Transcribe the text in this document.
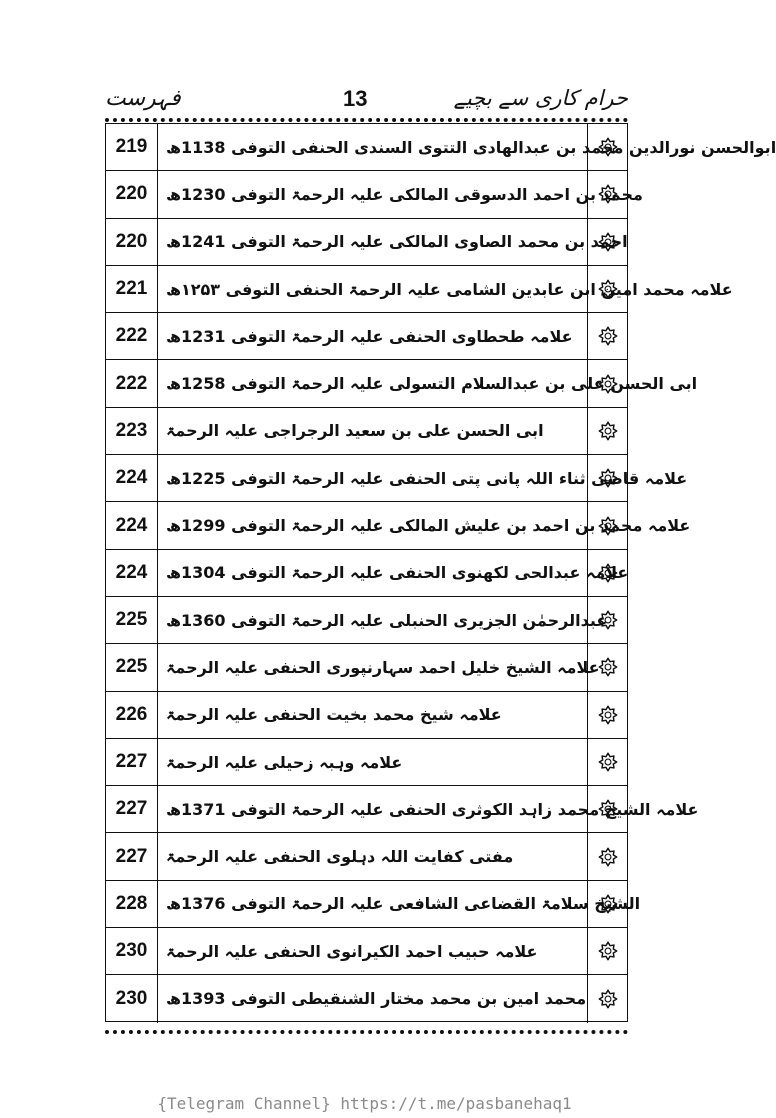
فہرست	13	حرام کاری سے بچیے
219	ابوالحسن نورالدین محمد بن عبدالهادی التتوی السندی الحنفی التوفی 1138ھ
220	محمد بن احمد الدسوقی المالکی علیہ الرحمۃ التوفی 1230ھ
220	احمد بن محمد الصاوی المالکی علیہ الرحمۃ التوفی 1241ھ
221	علامہ محمد امین ابن عابدین الشامی علیہ الرحمۃ الحنفی التوفی ۱۲۵۳ھ
222	علامہ طحطاوی الحنفی علیہ الرحمۃ التوفی 1231ھ
222	ابی الحسن علی بن عبدالسلام التسولی علیہ الرحمۃ التوفی 1258ھ
223	ابی الحسن علی بن سعید الرجراجی علیہ الرحمۃ
224	علامہ قاضی ثناء اللہ پانی پتی الحنفی علیہ الرحمۃ التوفی 1225ھ
224	علامہ محمد بن احمد بن علیش المالکی علیہ الرحمۃ التوفی 1299ھ
224	علامہ عبدالحی لکھنوی الحنفی علیہ الرحمۃ التوفی 1304ھ
225	عبدالرحمٰن الجزیری الحنبلی علیہ الرحمۃ التوفی 1360ھ
225	علامہ الشیخ خلیل احمد سہارنپوری الحنفی علیہ الرحمۃ
226	علامہ شیخ محمد بخیت الحنفی علیہ الرحمۃ
227	علامہ وہبہ زحیلی علیہ الرحمۃ
227	علامہ الشیخ محمد زاہد الکوثری الحنفی علیہ الرحمۃ التوفی 1371ھ
227	مفتی کفایت اللہ دہلوی الحنفی علیہ الرحمۃ
228	الشیخ سلامۃ القضاعی الشافعی علیہ الرحمۃ التوفی 1376ھ
230	علامہ حبیب احمد الکیرانوی الحنفی علیہ الرحمۃ
230	محمد امین بن محمد مختار الشنقیطی التوفی 1393ھ
{Telegram Channel} https://t.me/pasbanehaq1
